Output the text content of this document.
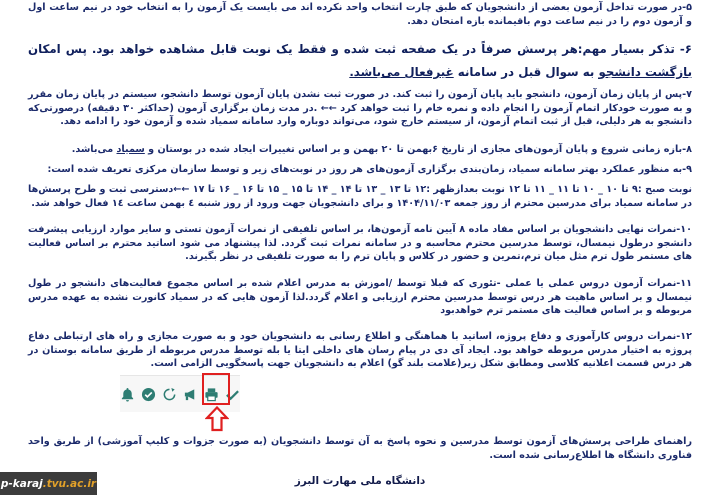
۵-در صورت تداخل آزمون بعضی از دانشجویان که طبق چارت انتخاب واحد نکرده اند می بایست یک آزمون را به انتخاب خود در نیم ساعت اول و آزمون دوم را در نیم ساعت دوم باقیمانده بازه امتحان دهد.

۶- تذکر بسیار مهم:هر پرسش صرفاً در یک صفحه ثبت شده و فقط یک نوبت قابل مشاهده خواهد بود. پس امکان بازگشت دانشجو به سوال قبل در سامانه غیرفعال می‌باشد.

۷-پس از پایان زمان آزمون، دانشجو باید پایان آزمون را ثبت کند. در صورت ثبت نشدن پایان آزمون توسط دانشجو، سیستم در پایان زمان مقرر و به صورت خودکار اتمام آزمون را انجام داده و نمره خام را ثبت خواهد کرد ←← .در مدت زمان برگزاری آزمون (حداکثر ۳۰ دقیقه) درصورتی‌که دانشجو به هر دلیلی، قبل از ثبت اتمام آزمون، از سیستم خارج شود، می‌تواند دوباره وارد سامانه سمیاد شده و آزمون خود را ادامه دهد.

۸-بازه زمانی شروع و پایان آزمون‌های مجازی از تاریخ ۶بهمن تا ۲۰ بهمن و بر اساس تغییرات ایجاد شده در بوستان و سمیاد می‌باشد.

۹-به منظور عملکرد بهتر سامانه سمیاد، زمان‌بندی برگزاری آزمون‌های هر روز در نوبت‌های زیر و توسط سازمان مرکزی تعریف شده است:

نوبت صبح :۹ تا ۱۰ _ ۱۰ تا ۱۱ _ ۱۱ تا ۱۲ نوبت بعدازظهر :۱۲ تا ۱۳ _ ۱۳ تا ۱۴ _ ۱۴ تا ۱۵ _ ۱۵ تا ۱۶ _ ۱۶ تا ۱۷ ←←دسترسی ثبت و طرح پرسش‌ها در سامانه سمیاد برای مدرسین محترم از روز جمعه ۱۴۰۴/۱۱/۰۳ و برای دانشجویان جهت ورود از روز شنبه ٤ بهمن ساعت ١٤ فعال خواهد شد.

۱۰-نمرات نهایی دانشجویان بر اساس مفاد ماده ۸ آیین نامه آزمون‌ها، بر اساس تلفیقی از نمرات آزمون تستی و سایر موارد ارزیابی پیشرفت دانشجو درطول نیمسال، توسط مدرسین محترم محاسبه و در سامانه نمرات ثبت گردد. لذا پیشنهاد می شود اساتید محترم بر اساس فعالیت های مستمر طول ترم مثل میان ترم،تمرین و حضور در کلاس و پایان ترم را به صورت تلفیقی در نظر بگیرند.

۱۱-نمرات آزمون دروس عملی یا عملی -تئوری که قبلا توسط /اموزش به مدرس اعلام شده بر اساس مجموع فعالیت‌های دانشجو در طول نیمسال و بر اساس ماهیت هر درس توسط مدرسین محترم ارزیابی و اعلام گردد.لذا آزمون هایی که در سمیاد کانورت نشده به عهده مدرس مربوطه و بر اساس فعالیت های مستمر ترم خواهدبود

۱۲-نمرات دروس کارآموزی و دفاع پروژه، اساتید با هماهنگی و اطلاع رسانی به دانشجویان خود و به صورت مجازی و راه های ارتباطی دفاع پروژه به اختیار مدرس مربوطه خواهد بود. ایجاد آی دی در پیام رسان های داخلی ایتا یا بله توسط مدرس مربوطه از طریق سامانه بوستان در هر درس قسمت اعلانیه کلاسی ومطابق شکل زیر(علامت بلند گو) اعلام به دانشجویان جهت پاسخگویی الزامی است.

راهنمای طراحی پرسش‌های آزمون توسط مدرسین و نحوه پاسخ به آن توسط دانشجویان (به صورت جزوات و کلیپ آموزشی) از طریق واحد فناوری دانشگاه ها اطلاع‌رسانی شده است.

دانشگاه ملی مهارت البرز
p-karaj .tvu.ac.ir
